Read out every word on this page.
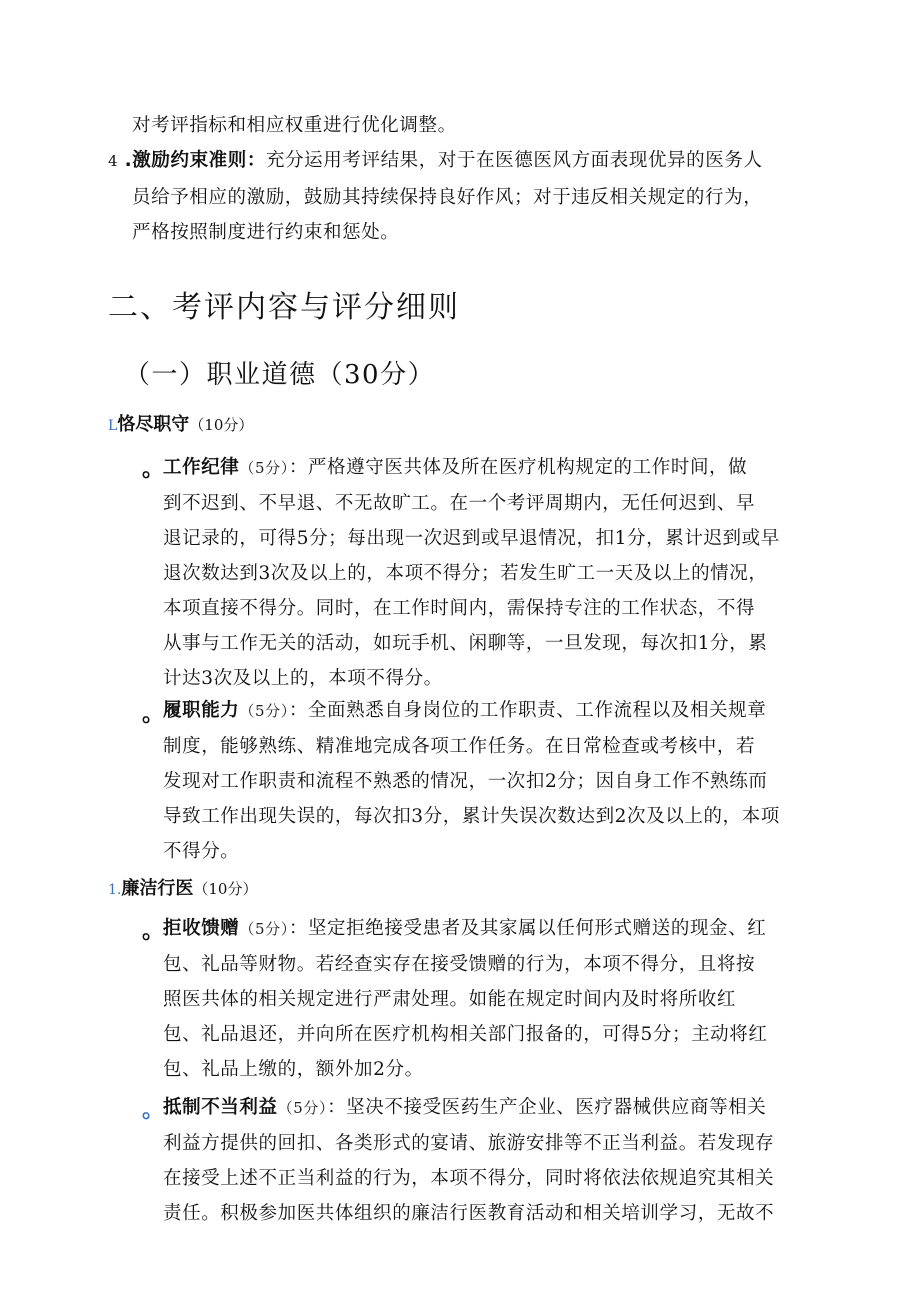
对考评指标和相应权重进行优化调整。
4 .激励约束准则：充分运用考评结果，对于在医德医风方面表现优异的医务人
员给予相应的激励，鼓励其持续保持良好作风；对于违反相关规定的行为，
严格按照制度进行约束和惩处。
二、考评内容与评分细则
（一）职业道德（30分）
L恪尽职守（10分）
。
工作纪律（5分）：严格遵守医共体及所在医疗机构规定的工作时间，做
到不迟到、不早退、不无故旷工。在一个考评周期内，无任何迟到、早
退记录的，可得5分；每出现一次迟到或早退情况，扣1分，累计迟到或早
退次数达到3次及以上的，本项不得分；若发生旷工一天及以上的情况，
本项直接不得分。同时，在工作时间内，需保持专注的工作状态，不得
从事与工作无关的活动，如玩手机、闲聊等，一旦发现，每次扣1分，累
计达3次及以上的，本项不得分。
。
履职能力（5分）：全面熟悉自身岗位的工作职责、工作流程以及相关规章
制度，能够熟练、精准地完成各项工作任务。在日常检查或考核中，若
发现对工作职责和流程不熟悉的情况，一次扣2分；因自身工作不熟练而
导致工作出现失误的，每次扣3分，累计失误次数达到2次及以上的，本项
不得分。
1.廉洁行医（10分）
。
拒收馈赠（5分）：坚定拒绝接受患者及其家属以任何形式赠送的现金、红
包、礼品等财物。若经查实存在接受馈赠的行为，本项不得分，且将按
照医共体的相关规定进行严肃处理。如能在规定时间内及时将所收红
包、礼品退还，并向所在医疗机构相关部门报备的，可得5分；主动将红
包、礼品上缴的，额外加2分。
。
抵制不当利益（5分）：坚决不接受医药生产企业、医疗器械供应商等相关
利益方提供的回扣、各类形式的宴请、旅游安排等不正当利益。若发现存
在接受上述不正当利益的行为，本项不得分，同时将依法依规追究其相关
责任。积极参加医共体组织的廉洁行医教育活动和相关培训学习，无故不
